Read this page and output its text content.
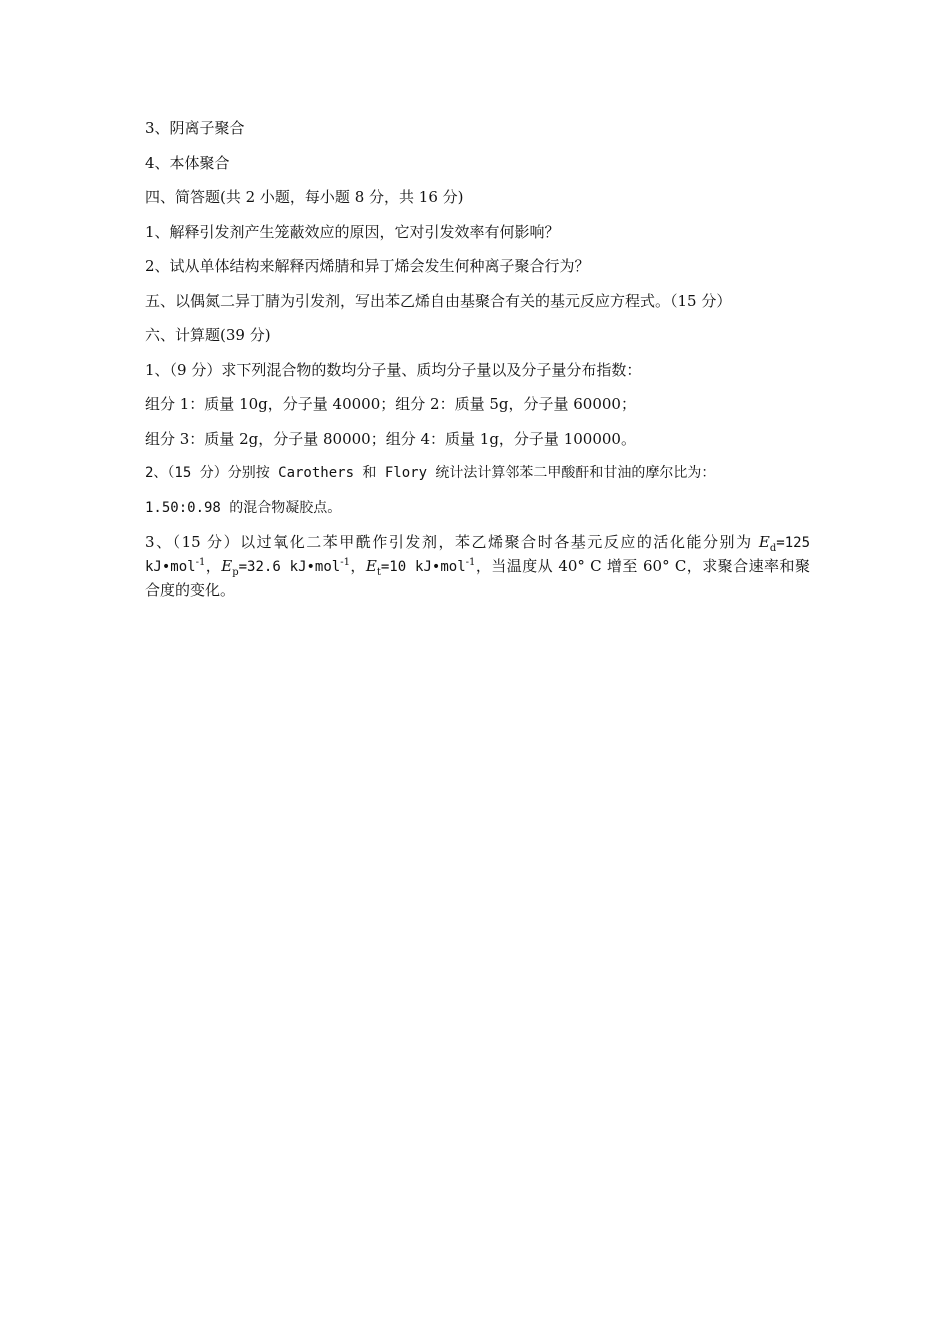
3、阴离子聚合

4、本体聚合

四、简答题(共 2 小题，每小题 8 分，共 16 分)

1、解释引发剂产生笼蔽效应的原因，它对引发效率有何影响？

2、试从单体结构来解释丙烯腈和异丁烯会发生何种离子聚合行为？

五、以偶氮二异丁腈为引发剂，写出苯乙烯自由基聚合有关的基元反应方程式。（15 分）

六、计算题(39 分)

1、（9 分）求下列混合物的数均分子量、质均分子量以及分子量分布指数：

组分 1：质量 10g，分子量 40000；组分 2：质量 5g，分子量 60000；

组分 3：质量 2g，分子量 80000；组分 4：质量 1g，分子量 100000。

2、（15 分）分别按 Carothers 和 Flory 统计法计算邻苯二甲酸酐和甘油的摩尔比为：

1.50:0.98 的混合物凝胶点。

3、（15 分）以过氧化二苯甲酰作引发剂，苯乙烯聚合时各基元反应的活化能分别为 $E_d=125$ kJ•mol$^{-1}$，$E_p=32.6$ kJ•mol$^{-1}$，$E_t=10$ kJ•mol$^{-1}$，当温度从 40° C 增至 60° C，求聚合速率和聚合度的变化。
